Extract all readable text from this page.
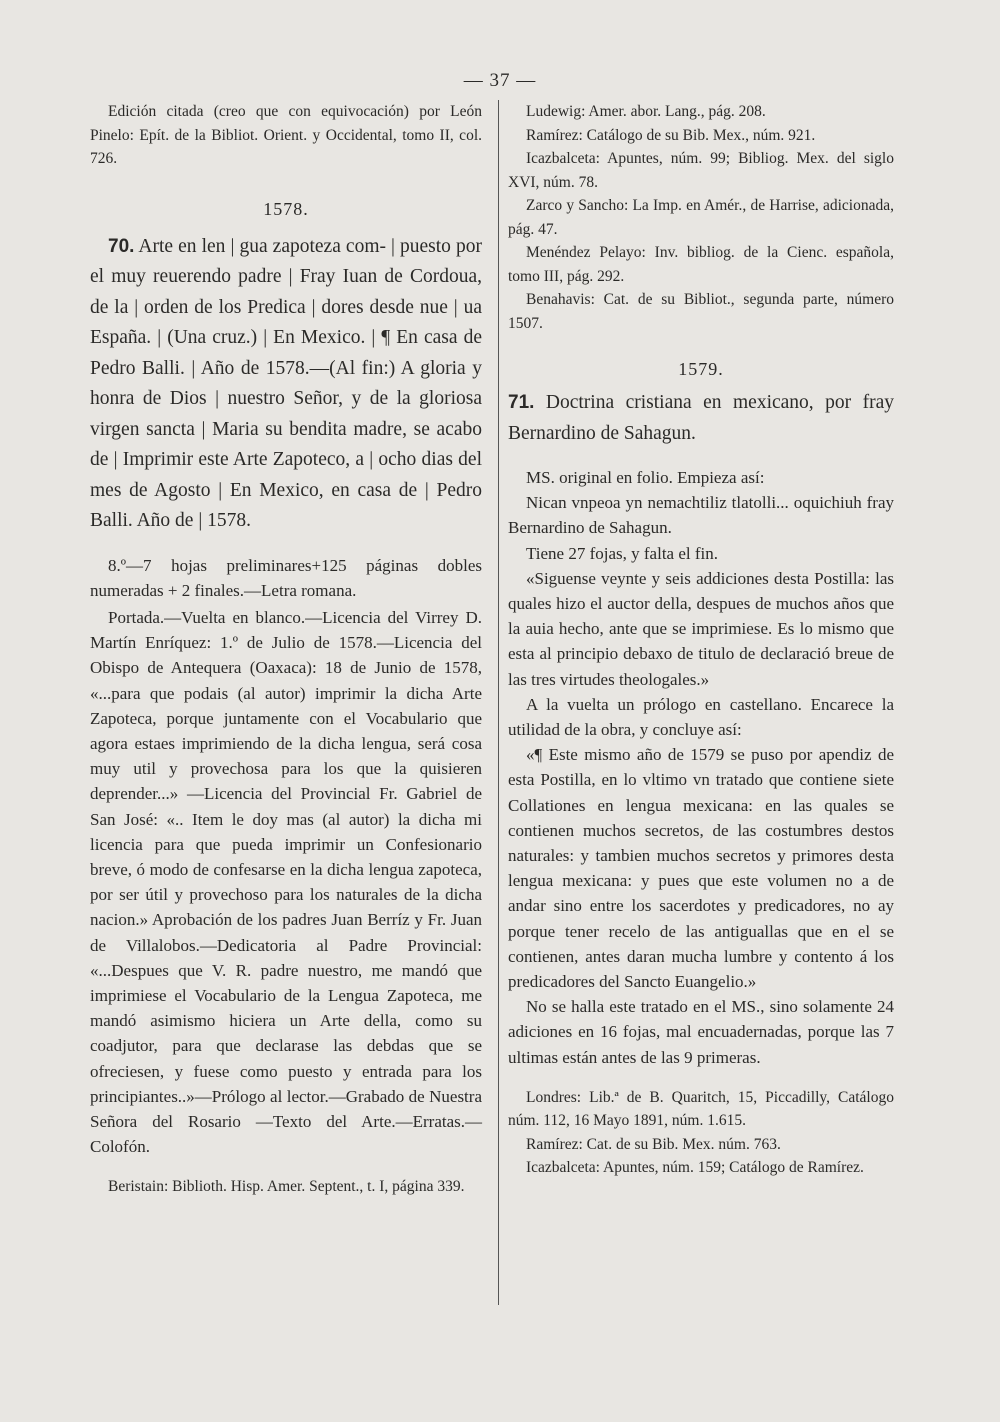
— 37 —

Edición citada (creo que con equivocación) por León Pinelo: Epít. de la Bibliot. Orient. y Occidental, tomo II, col. 726.

1578.

70. Arte en len | gua zapoteza com- | puesto por el muy reuerendo padre | Fray Iuan de Cordoua, de la | orden de los Predica | dores desde nue | ua España. | (Una cruz.) | En Mexico. | ¶ En casa de Pedro Balli. | Año de 1578.—(Al fin:) A gloria y honra de Dios | nuestro Señor, y de la gloriosa virgen sancta | Maria su bendita madre, se acabo de | Imprimir este Arte Zapoteco, a | ocho dias del mes de Agosto | En Mexico, en casa de | Pedro Balli. Año de | 1578.

8.º—7 hojas preliminares+125 páginas dobles numeradas + 2 finales.—Letra romana.

Portada.—Vuelta en blanco.—Licencia del Virrey D. Martín Enríquez: 1.º de Julio de 1578.—Licencia del Obispo de Antequera (Oaxaca): 18 de Junio de 1578, «...para que podais (al autor) imprimir la dicha Arte Zapoteca, porque juntamente con el Vocabulario que agora estaes imprimiendo de la dicha lengua, será cosa muy util y provechosa para los que la quisieren deprender...» —Licencia del Provincial Fr. Gabriel de San José: «.. Item le doy mas (al autor) la dicha mi licencia para que pueda imprimir un Confesionario breve, ó modo de confesarse en la dicha lengua zapoteca, por ser útil y provechoso para los naturales de la dicha nacion.» Aprobación de los padres Juan Berríz y Fr. Juan de Villalobos.—Dedicatoria al Padre Provincial: «...Despues que V. R. padre nuestro, me mandó que imprimiese el Vocabulario de la Lengua Zapoteca, me mandó asimismo hiciera un Arte della, como su coadjutor, para que declarase las debdas que se ofreciesen, y fuese como puesto y entrada para los principiantes..»—Prólogo al lector.—Grabado de Nuestra Señora del Rosario —Texto del Arte.—Erratas.—Colofón.

Beristain: Biblioth. Hisp. Amer. Septent., t. I, página 339.

Ludewig: Amer. abor. Lang., pág. 208.

Ramírez: Catálogo de su Bib. Mex., núm. 921.

Icazbalceta: Apuntes, núm. 99; Bibliog. Mex. del siglo XVI, núm. 78.

Zarco y Sancho: La Imp. en Amér., de Harrise, adicionada, pág. 47.

Menéndez Pelayo: Inv. bibliog. de la Cienc. española, tomo III, pág. 292.

Benahavis: Cat. de su Bibliot., segunda parte, número 1507.

1579.

71. Doctrina cristiana en mexicano, por fray Bernardino de Sahagun.

MS. original en folio. Empieza así:

Nican vnpeoa yn nemachtiliz tlatolli... oquichiuh fray Bernardino de Sahagun.

Tiene 27 fojas, y falta el fin.

«Siguense veynte y seis addiciones desta Postilla: las quales hizo el auctor della, despues de muchos años que la auia hecho, ante que se imprimiese. Es lo mismo que esta al principio debaxo de titulo de declaració breue de las tres virtudes theologales.»

A la vuelta un prólogo en castellano. Encarece la utilidad de la obra, y concluye así:

«¶ Este mismo año de 1579 se puso por apendiz de esta Postilla, en lo vltimo vn tratado que contiene siete Collationes en lengua mexicana: en las quales se contienen muchos secretos, de las costumbres destos naturales: y tambien muchos secretos y primores desta lengua mexicana: y pues que este volumen no a de andar sino entre los sacerdotes y predicadores, no ay porque tener recelo de las antiguallas que en el se contienen, antes daran mucha lumbre y contento á los predicadores del Sancto Euangelio.»

No se halla este tratado en el MS., sino solamente 24 adiciones en 16 fojas, mal encuadernadas, porque las 7 ultimas están antes de las 9 primeras.

Londres: Lib.ª de B. Quaritch, 15, Piccadilly, Catálogo núm. 112, 16 Mayo 1891, núm. 1.615.

Ramírez: Cat. de su Bib. Mex. núm. 763.

Icazbalceta: Apuntes, núm. 159; Catálogo de Ramírez.
